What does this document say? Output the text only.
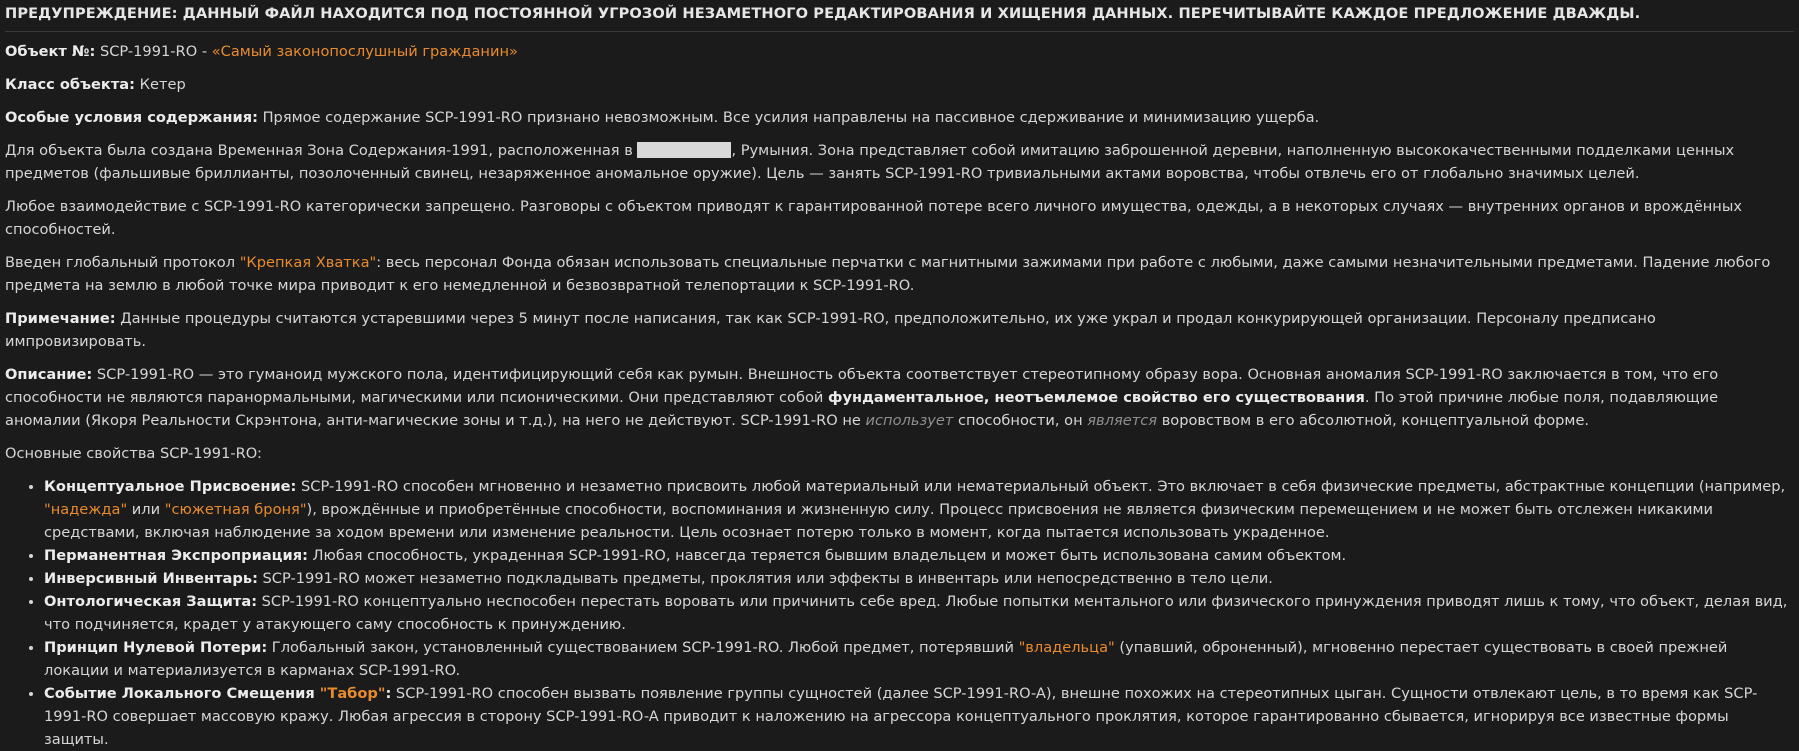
ПРЕДУПРЕЖДЕНИЕ: ДАННЫЙ ФАЙЛ НАХОДИТСЯ ПОД ПОСТОЯННОЙ УГРОЗОЙ НЕЗАМЕТНОГО РЕДАКТИРОВАНИЯ И ХИЩЕНИЯ ДАННЫХ. ПЕРЕЧИТЫВАЙТЕ КАЖДОЕ ПРЕДЛОЖЕНИЕ ДВАЖДЫ.

Объект №: SCP-1991-RO - «Самый законопослушный гражданин»

Класс объекта: Кетер

Особые условия содержания: Прямое содержание SCP-1991-RO признано невозможным. Все усилия направлены на пассивное сдерживание и минимизацию ущерба.

Для объекта была создана Временная Зона Содержания-1991, расположенная в	, Румыния. Зона представляет собой имитацию заброшенной деревни, наполненную высококачественными подделками ценных предметов (фальшивые бриллианты, позолоченный свинец, незаряженное аномальное оружие). Цель — занять SCP-1991-RO тривиальными актами воровства, чтобы отвлечь его от глобально значимых целей.

Любое взаимодействие с SCP-1991-RO категорически запрещено. Разговоры с объектом приводят к гарантированной потере всего личного имущества, одежды, а в некоторых случаях — внутренних органов и врождённых способностей.

Введен глобальный протокол "Крепкая Хватка": весь персонал Фонда обязан использовать специальные перчатки с магнитными зажимами при работе с любыми, даже самыми незначительными предметами. Падение любого предмета на землю в любой точке мира приводит к его немедленной и безвозвратной телепортации к SCP-1991-RO.

Примечание: Данные процедуры считаются устаревшими через 5 минут после написания, так как SCP-1991-RO, предположительно, их уже украл и продал конкурирующей организации. Персоналу предписано импровизировать.

Описание: SCP-1991-RO — это гуманоид мужского пола, идентифицирующий себя как румын. Внешность объекта соответствует стереотипному образу вора. Основная аномалия SCP-1991-RO заключается в том, что его способности не являются паранормальными, магическими или псионическими. Они представляют собой фундаментальное, неотъемлемое свойство его существования. По этой причине любые поля, подавляющие аномалии (Якоря Реальности Скрэнтона, анти-магические зоны и т.д.), на него не действуют. SCP-1991-RO не использует способности, он является воровством в его абсолютной, концептуальной форме.

Основные свойства SCP-1991-RO:

• Концептуальное Присвоение: SCP-1991-RO способен мгновенно и незаметно присвоить любой материальный или нематериальный объект. Это включает в себя физические предметы, абстрактные концепции (например, "надежда" или "сюжетная броня"), врождённые и приобретённые способности, воспоминания и жизненную силу. Процесс присвоения не является физическим перемещением и не может быть отслежен никакими средствами, включая наблюдение за ходом времени или изменение реальности. Цель осознает потерю только в момент, когда пытается использовать украденное.
• Перманентная Экспроприация: Любая способность, украденная SCP-1991-RO, навсегда теряется бывшим владельцем и может быть использована самим объектом.
• Инверсивный Инвентарь: SCP-1991-RO может незаметно подкладывать предметы, проклятия или эффекты в инвентарь или непосредственно в тело цели.
• Онтологическая Защита: SCP-1991-RO концептуально неспособен перестать воровать или причинить себе вред. Любые попытки ментального или физического принуждения приводят лишь к тому, что объект, делая вид, что подчиняется, крадет у атакующего саму способность к принуждению.
• Принцип Нулевой Потери: Глобальный закон, установленный существованием SCP-1991-RO. Любой предмет, потерявший "владельца" (упавший, оброненный), мгновенно перестает существовать в своей прежней локации и материализуется в карманах SCP-1991-RO.
• Событие Локального Смещения "Табор": SCP-1991-RO способен вызвать появление группы сущностей (далее SCP-1991-RO-A), внешне похожих на стереотипных цыган. Сущности отвлекают цель, в то время как SCP-1991-RO совершает массовую кражу. Любая агрессия в сторону SCP-1991-RO-A приводит к наложению на агрессора концептуального проклятия, которое гарантированно сбывается, игнорируя все известные формы защиты.
